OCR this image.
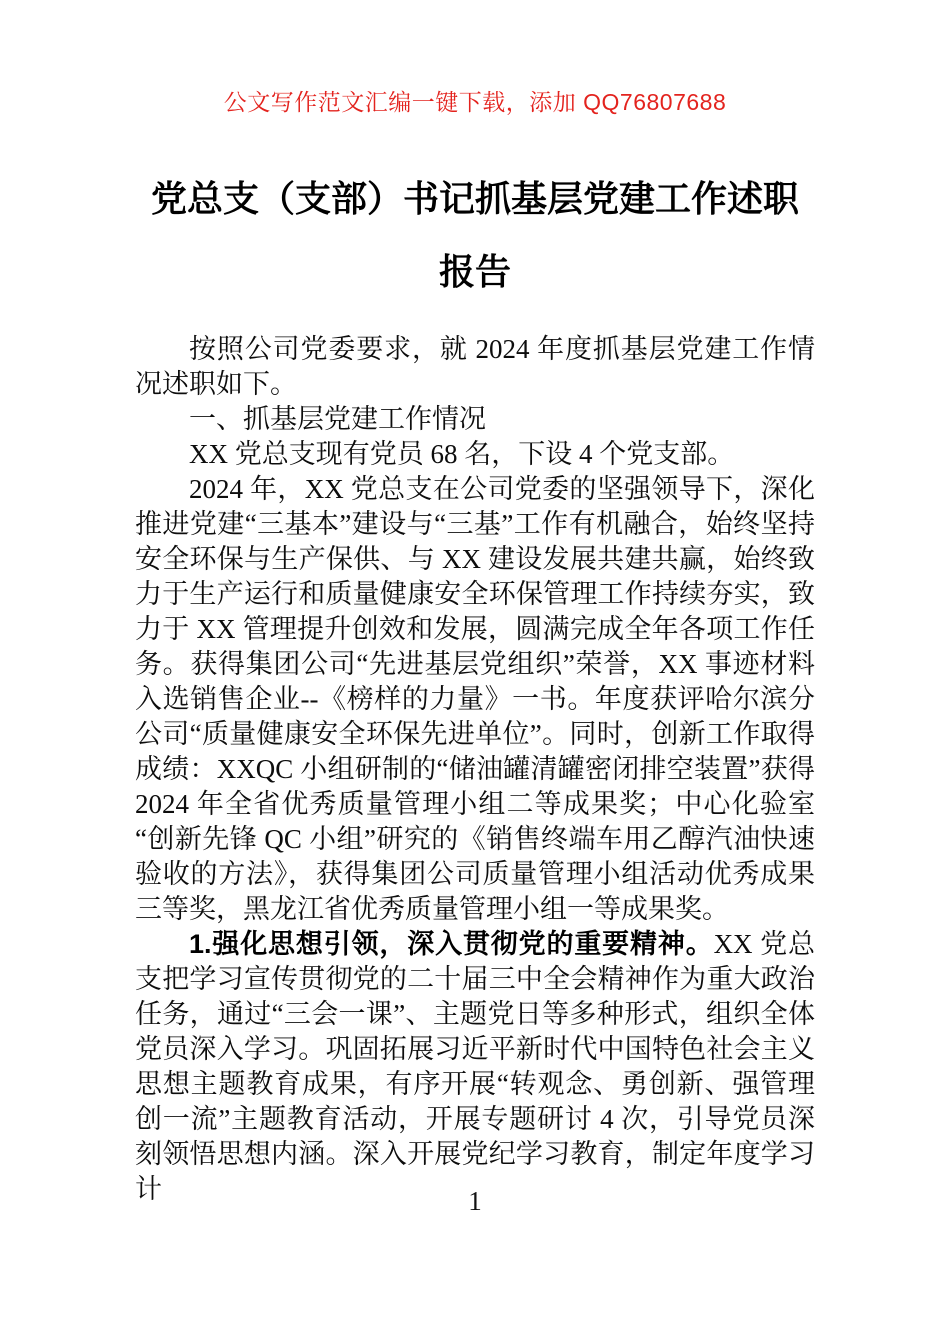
公文写作范文汇编一键下载，添加 QQ76807688
党总支（支部）书记抓基层党建工作述职报告

按照公司党委要求，就 2024 年度抓基层党建工作情况述职如下。

一、抓基层党建工作情况

XX 党总支现有党员 68 名，下设 4 个党支部。

2024 年，XX 党总支在公司党委的坚强领导下，深化推进党建“三基本”建设与“三基”工作有机融合，始终坚持安全环保与生产保供、与 XX 建设发展共建共赢，始终致力于生产运行和质量健康安全环保管理工作持续夯实，致力于 XX 管理提升创效和发展，圆满完成全年各项工作任务。获得集团公司“先进基层党组织”荣誉，XX 事迹材料入选销售企业--《榜样的力量》一书。年度获评哈尔滨分公司“质量健康安全环保先进单位”。同时，创新工作取得成绩：XXQC 小组研制的“储油罐清罐密闭排空装置”获得 2024 年全省优秀质量管理小组二等成果奖；中心化验室“创新先锋 QC 小组”研究的《销售终端车用乙醇汽油快速验收的方法》，获得集团公司质量管理小组活动优秀成果三等奖，黑龙江省优秀质量管理小组一等成果奖。

1.强化思想引领，深入贯彻党的重要精神。XX 党总支把学习宣传贯彻党的二十届三中全会精神作为重大政治任务，通过“三会一课”、主题党日等多种形式，组织全体党员深入学习。巩固拓展习近平新时代中国特色社会主义思想主题教育成果，有序开展“转观念、勇创新、强管理创一流”主题教育活动，开展专题研讨 4 次，引导党员深刻领悟思想内涵。深入开展党纪学习教育，制定年度学习计	1
